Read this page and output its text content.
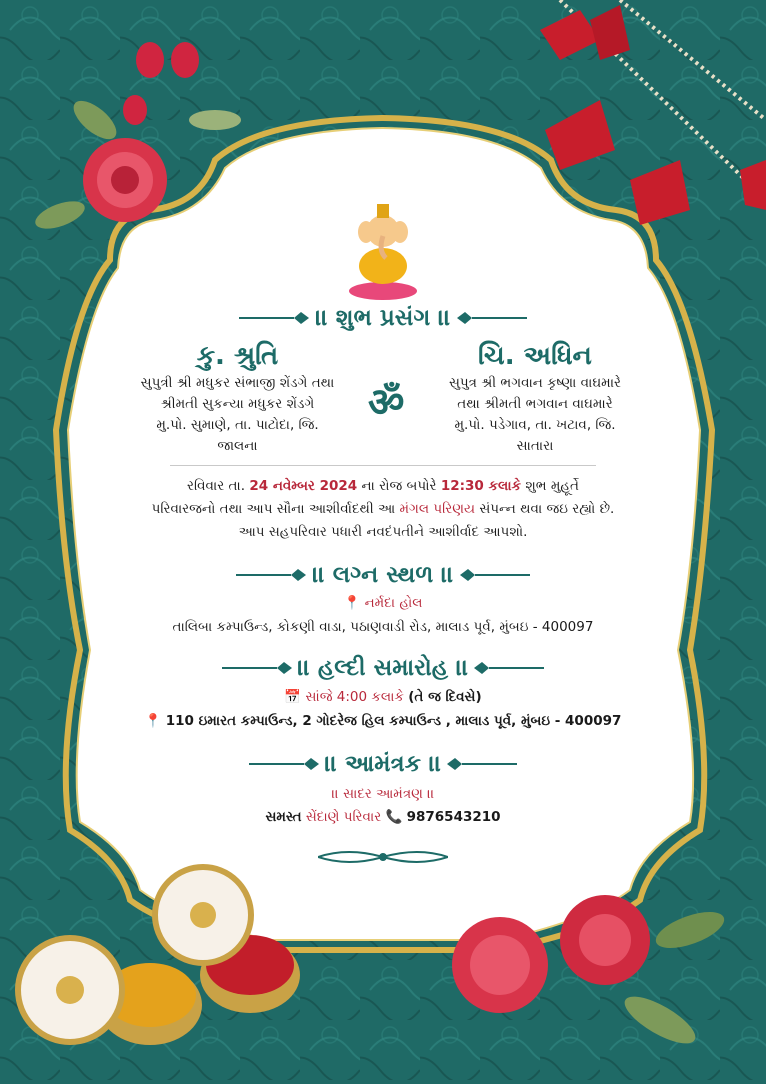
।। શુભ પ્રસંગ ।।
કુ. શ્રુતિ	ચિ. અધિન
સુપુત્રી શ્રી મધુકર સંભાજી શેંડગે તથા
શ્રીમતી સુકન્યા મધુકર શેંડગે
મુ.પો. સુમાણે, તા. પાટોદા, જિ.
જાલના
ॐ	સુપુત્ર શ્રી ભગવાન કૃષ્ણા વાઘમારે
તથા શ્રીમતી ભગવાન વાઘમારે
મુ.પો. પડેગાવ, તા. ખટાવ, જિ.
સાતારા
રવિવાર તા. 24 નવેમ્બર 2024 ના રોજ બપોરે 12:30 કલાકે શુભ મુહૂર્તે
પરિવારજનો તથા આપ સૌના આશીર્વાદથી આ મંગલ પરિણય સંપન્ન થવા જઇ રહ્યો છે.
આપ સહપરિવાર પધારી નવદંપતીને આશીર્વાદ આપશો.
।। લગ્ન સ્થળ ।।
📍 નર્મદા હોલ
તાલિબા કમ્પાઉન્ડ, કોકણી વાડા, પઠાણવાડી રોડ, માલાડ પૂર્વ, મુંબઇ - 400097
।। હલ્દી સમારોહ ।।
📅 સાંજે 4:00 કલાકે (તે જ દિવસે)
📍 110 ઇમારત કમ્પાઉન્ડ, 2 ગોદરેજ હિલ કમ્પાઉન્ડ , માલાડ પૂર્વ, મુંબઇ - 400097
।। આમંત્રક ।।
।। સાદર આમંત્રણ ।।
સમસ્ત સેંદાણે પરિવાર 📞 9876543210
